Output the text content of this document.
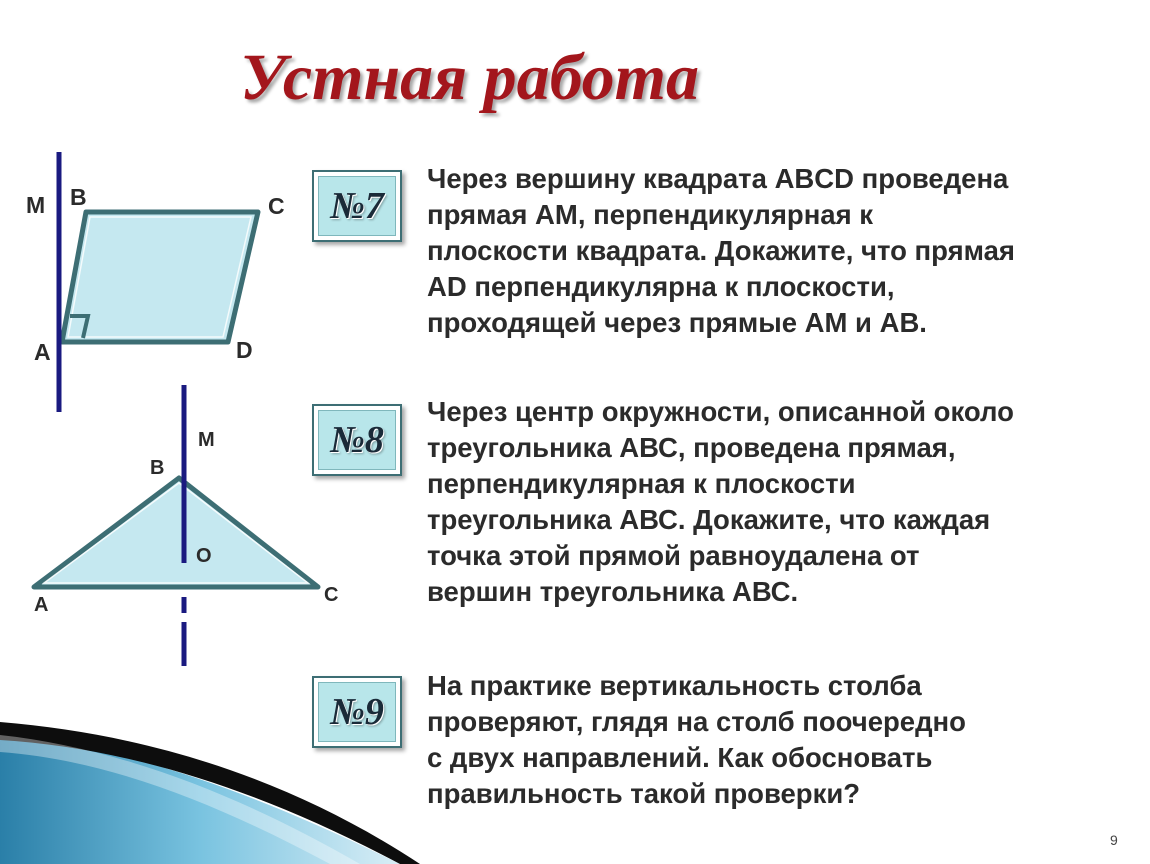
Устная работа
M B	C
A	D
M
B
O
A	C
№7

Через вершину квадрата ABCD проведена
прямая АМ, перпендикулярная к
плоскости квадрата. Докажите, что прямая
AD перпендикулярна к плоскости,
проходящей через прямые АМ и АВ.

№8

Через центр окружности, описанной около
треугольника АВС, проведена прямая,
перпендикулярная к плоскости
треугольника АВС. Докажите, что каждая
точка этой прямой равноудалена от
вершин треугольника АВС.

№9

На практике вертикальность столба
проверяют, глядя на столб поочередно
с двух направлений. Как обосновать
правильность такой проверки?

9
